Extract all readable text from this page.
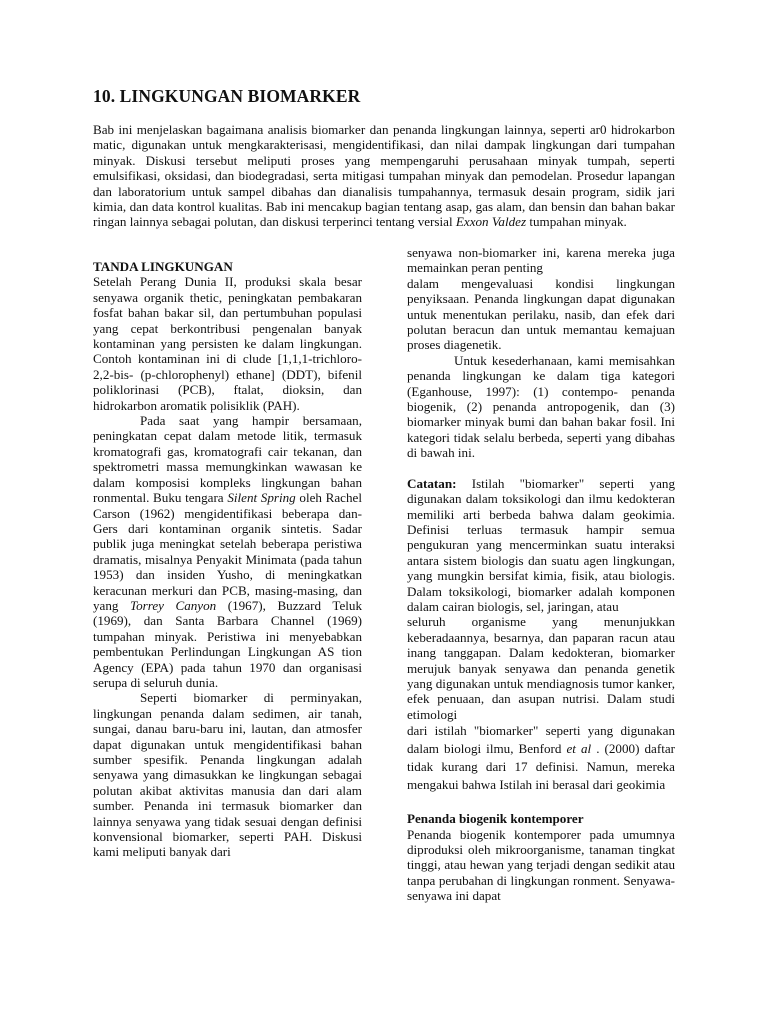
10. LINGKUNGAN BIOMARKER

Bab ini menjelaskan bagaimana analisis biomarker dan penanda lingkungan lainnya, seperti ar0 hidrokarbon matic, digunakan untuk mengkarakterisasi, mengidentifikasi, dan nilai dampak lingkungan dari tumpahan minyak. Diskusi tersebut meliputi proses yang mempengaruhi perusahaan minyak tumpah, seperti emulsifikasi, oksidasi, dan biodegradasi, serta mitigasi tumpahan minyak dan pemodelan. Prosedur lapangan dan laboratorium untuk sampel dibahas dan dianalisis tumpahannya, termasuk desain program, sidik jari kimia, dan data kontrol kualitas. Bab ini mencakup bagian tentang asap, gas alam, dan bensin dan bahan bakar ringan lainnya sebagai polutan, dan diskusi terperinci tentang versial Exxon Valdez tumpahan minyak.

TANDA LINGKUNGAN

Setelah Perang Dunia II, produksi skala besar senyawa organik thetic, peningkatan pembakaran fosfat bahan bakar sil, dan pertumbuhan populasi yang cepat berkontribusi pengenalan banyak kontaminan yang persisten ke dalam lingkungan. Contoh kontaminan ini di clude [1,1,1-trichloro-2,2-bis- (p-chlorophenyl) ethane] (DDT), bifenil poliklorinasi (PCB), ftalat, dioksin, dan hidrokarbon aromatik polisiklik (PAH).

Pada saat yang hampir bersamaan, peningkatan cepat dalam metode litik, termasuk kromatografi gas, kromatografi cair tekanan, dan spektrometri massa memungkinkan wawasan ke dalam komposisi kompleks lingkungan bahan ronmental. Buku tengara Silent Spring oleh Rachel Carson (1962) mengidentifikasi beberapa dan- Gers dari kontaminan organik sintetis. Sadar publik juga meningkat setelah beberapa peristiwa dramatis, misalnya Penyakit Minimata (pada tahun 1953) dan insiden Yusho, di meningkatkan keracunan merkuri dan PCB, masing-masing, dan yang Torrey Canyon (1967), Buzzard Teluk (1969), dan Santa Barbara Channel (1969) tumpahan minyak. Peristiwa ini menyebabkan pembentukan Perlindungan Lingkungan AS tion Agency (EPA) pada tahun 1970 dan organisasi serupa di seluruh dunia.

Seperti biomarker di perminyakan, lingkungan penanda dalam sedimen, air tanah, sungai, danau baru-baru ini, lautan, dan atmosfer dapat digunakan untuk mengidentifikasi bahan sumber spesifik. Penanda lingkungan adalah senyawa yang dimasukkan ke lingkungan sebagai polutan akibat aktivitas manusia dan dari alam sumber. Penanda ini termasuk biomarker dan lainnya senyawa yang tidak sesuai dengan definisi konvensional biomarker, seperti PAH. Diskusi kami meliputi banyak dari

senyawa non-biomarker ini, karena mereka juga memainkan peran penting

dalam mengevaluasi kondisi lingkungan penyiksaan. Penanda lingkungan dapat digunakan untuk menentukan perilaku, nasib, dan efek dari polutan beracun dan untuk memantau kemajuan proses diagenetik.

Untuk kesederhanaan, kami memisahkan penanda lingkungan ke dalam tiga kategori (Eganhouse, 1997): (1) contempo- penanda biogenik, (2) penanda antropogenik, dan (3) biomarker minyak bumi dan bahan bakar fosil. Ini kategori tidak selalu berbeda, seperti yang dibahas di bawah ini.

Catatan: Istilah "biomarker" seperti yang digunakan dalam toksikologi dan ilmu kedokteran memiliki arti berbeda bahwa dalam geokimia. Definisi terluas termasuk hampir semua pengukuran yang mencerminkan suatu interaksi antara sistem biologis dan suatu agen lingkungan, yang mungkin bersifat kimia, fisik, atau biologis. Dalam toksikologi, biomarker adalah komponen dalam cairan biologis, sel, jaringan, atau

seluruh organisme yang menunjukkan keberadaannya, besarnya, dan paparan racun atau inang tanggapan. Dalam kedokteran, biomarker merujuk banyak senyawa dan penanda genetik yang digunakan untuk mendiagnosis tumor kanker, efek penuaan, dan asupan nutrisi. Dalam studi etimologi

dari istilah "biomarker" seperti yang digunakan dalam biologi ilmu, Benford et al . (2000) daftar tidak kurang dari 17 definisi. Namun, mereka mengakui bahwa Istilah ini berasal dari geokimia

Penanda biogenik kontemporer

Penanda biogenik kontemporer pada umumnya diproduksi oleh mikroorganisme, tanaman tingkat tinggi, atau hewan yang terjadi dengan sedikit atau tanpa perubahan di lingkungan ronment. Senyawa-senyawa ini dapat
